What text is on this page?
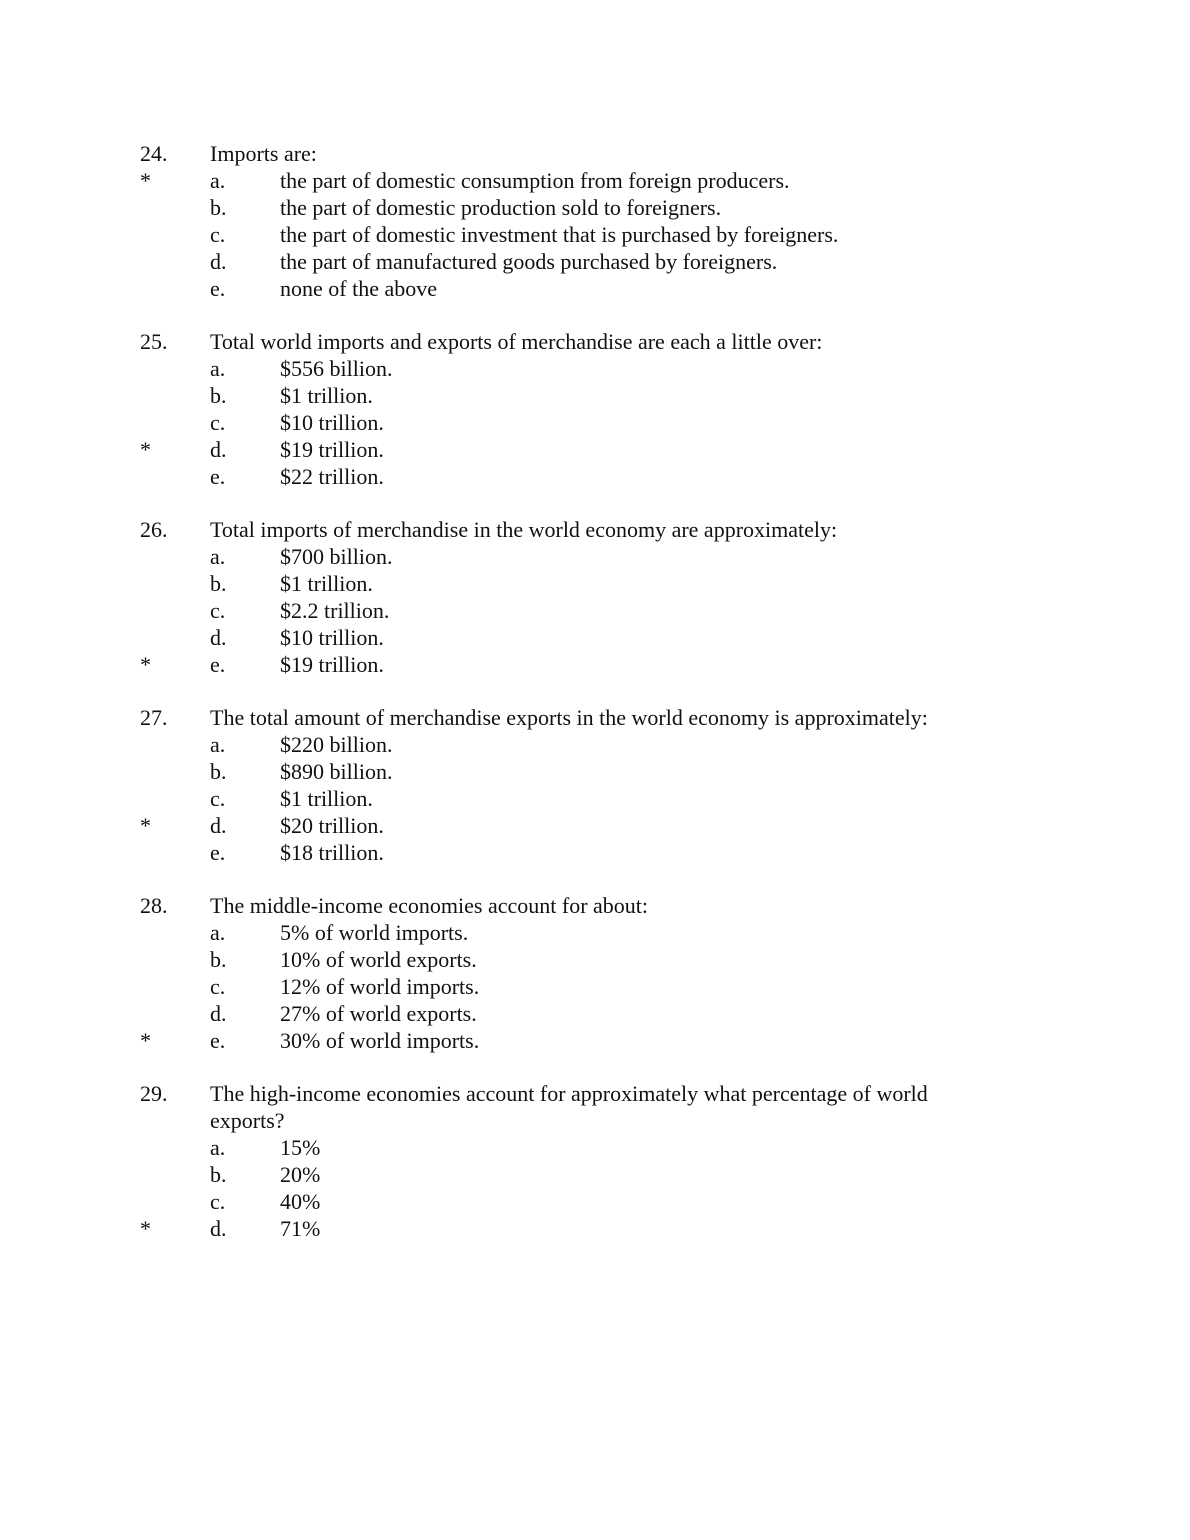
24. Imports are:
*	a. the part of domestic consumption from foreign producers.
b. the part of domestic production sold to foreigners.
c. the part of domestic investment that is purchased by foreigners.
d. the part of manufactured goods purchased by foreigners.
e. none of the above
25. Total world imports and exports of merchandise are each a little over:
a. $556 billion.
b. $1 trillion.
c. $10 trillion.
*	d. $19 trillion.
e. $22 trillion.
26. Total imports of merchandise in the world economy are approximately:
a. $700 billion.
b. $1 trillion.
c. $2.2 trillion.
d. $10 trillion.
*	e. $19 trillion.
27. The total amount of merchandise exports in the world economy is approximately:
a. $220 billion.
b. $890 billion.
c. $1 trillion.
*	d. $20 trillion.
e. $18 trillion.
28. The middle-income economies account for about:
a. 5% of world imports.
b. 10% of world exports.
c. 12% of world imports.
d. 27% of world exports.
*	e. 30% of world imports.
29. The high-income economies account for approximately what percentage of world
exports?
a. 15%
b. 20%
c. 40%
*	d. 71%
